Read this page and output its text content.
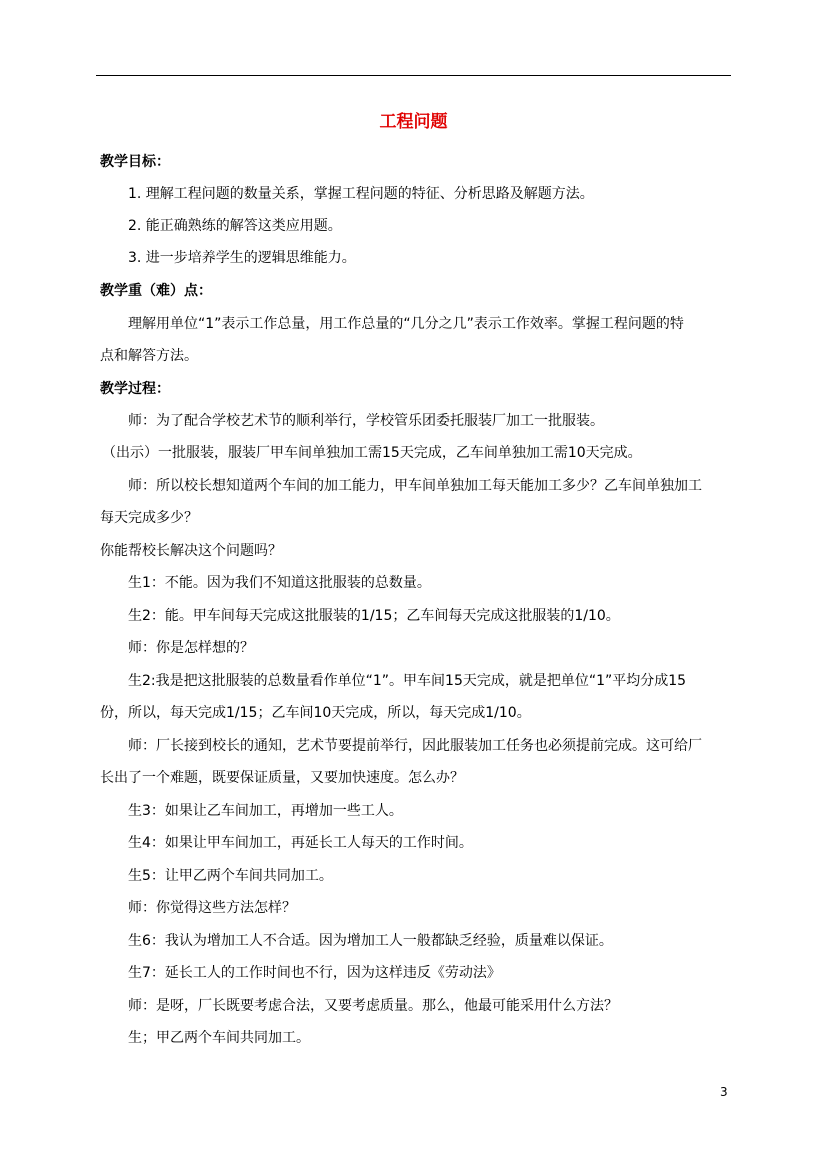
工程问题
教学目标：
1. 理解工程问题的数量关系，掌握工程问题的特征、分析思路及解题方法。
2. 能正确熟练的解答这类应用题。
3. 进一步培养学生的逻辑思维能力。
教学重（难）点：
理解用单位“1”表示工作总量，用工作总量的“几分之几”表示工作效率。掌握工程问题的特
点和解答方法。
教学过程：
师：为了配合学校艺术节的顺利举行，学校管乐团委托服装厂加工一批服装。
（出示）一批服装，服装厂甲车间单独加工需15天完成，乙车间单独加工需10天完成。
师：所以校长想知道两个车间的加工能力，甲车间单独加工每天能加工多少？乙车间单独加工
每天完成多少？
你能帮校长解决这个问题吗？
生1：不能。因为我们不知道这批服装的总数量。
生2：能。甲车间每天完成这批服装的1/15；乙车间每天完成这批服装的1/10。
师：你是怎样想的？
生2:我是把这批服装的总数量看作单位“1”。甲车间15天完成，就是把单位“1”平均分成15
份，所以，每天完成1/15；乙车间10天完成，所以，每天完成1/10。
师：厂长接到校长的通知，艺术节要提前举行，因此服装加工任务也必须提前完成。这可给厂
长出了一个难题，既要保证质量，又要加快速度。怎么办？
生3：如果让乙车间加工，再增加一些工人。
生4：如果让甲车间加工，再延长工人每天的工作时间。
生5：让甲乙两个车间共同加工。
师：你觉得这些方法怎样？
生6：我认为增加工人不合适。因为增加工人一般都缺乏经验，质量难以保证。
生7：延长工人的工作时间也不行，因为这样违反《劳动法》
师：是呀，厂长既要考虑合法，又要考虑质量。那么，他最可能采用什么方法？
生；甲乙两个车间共同加工。
3
